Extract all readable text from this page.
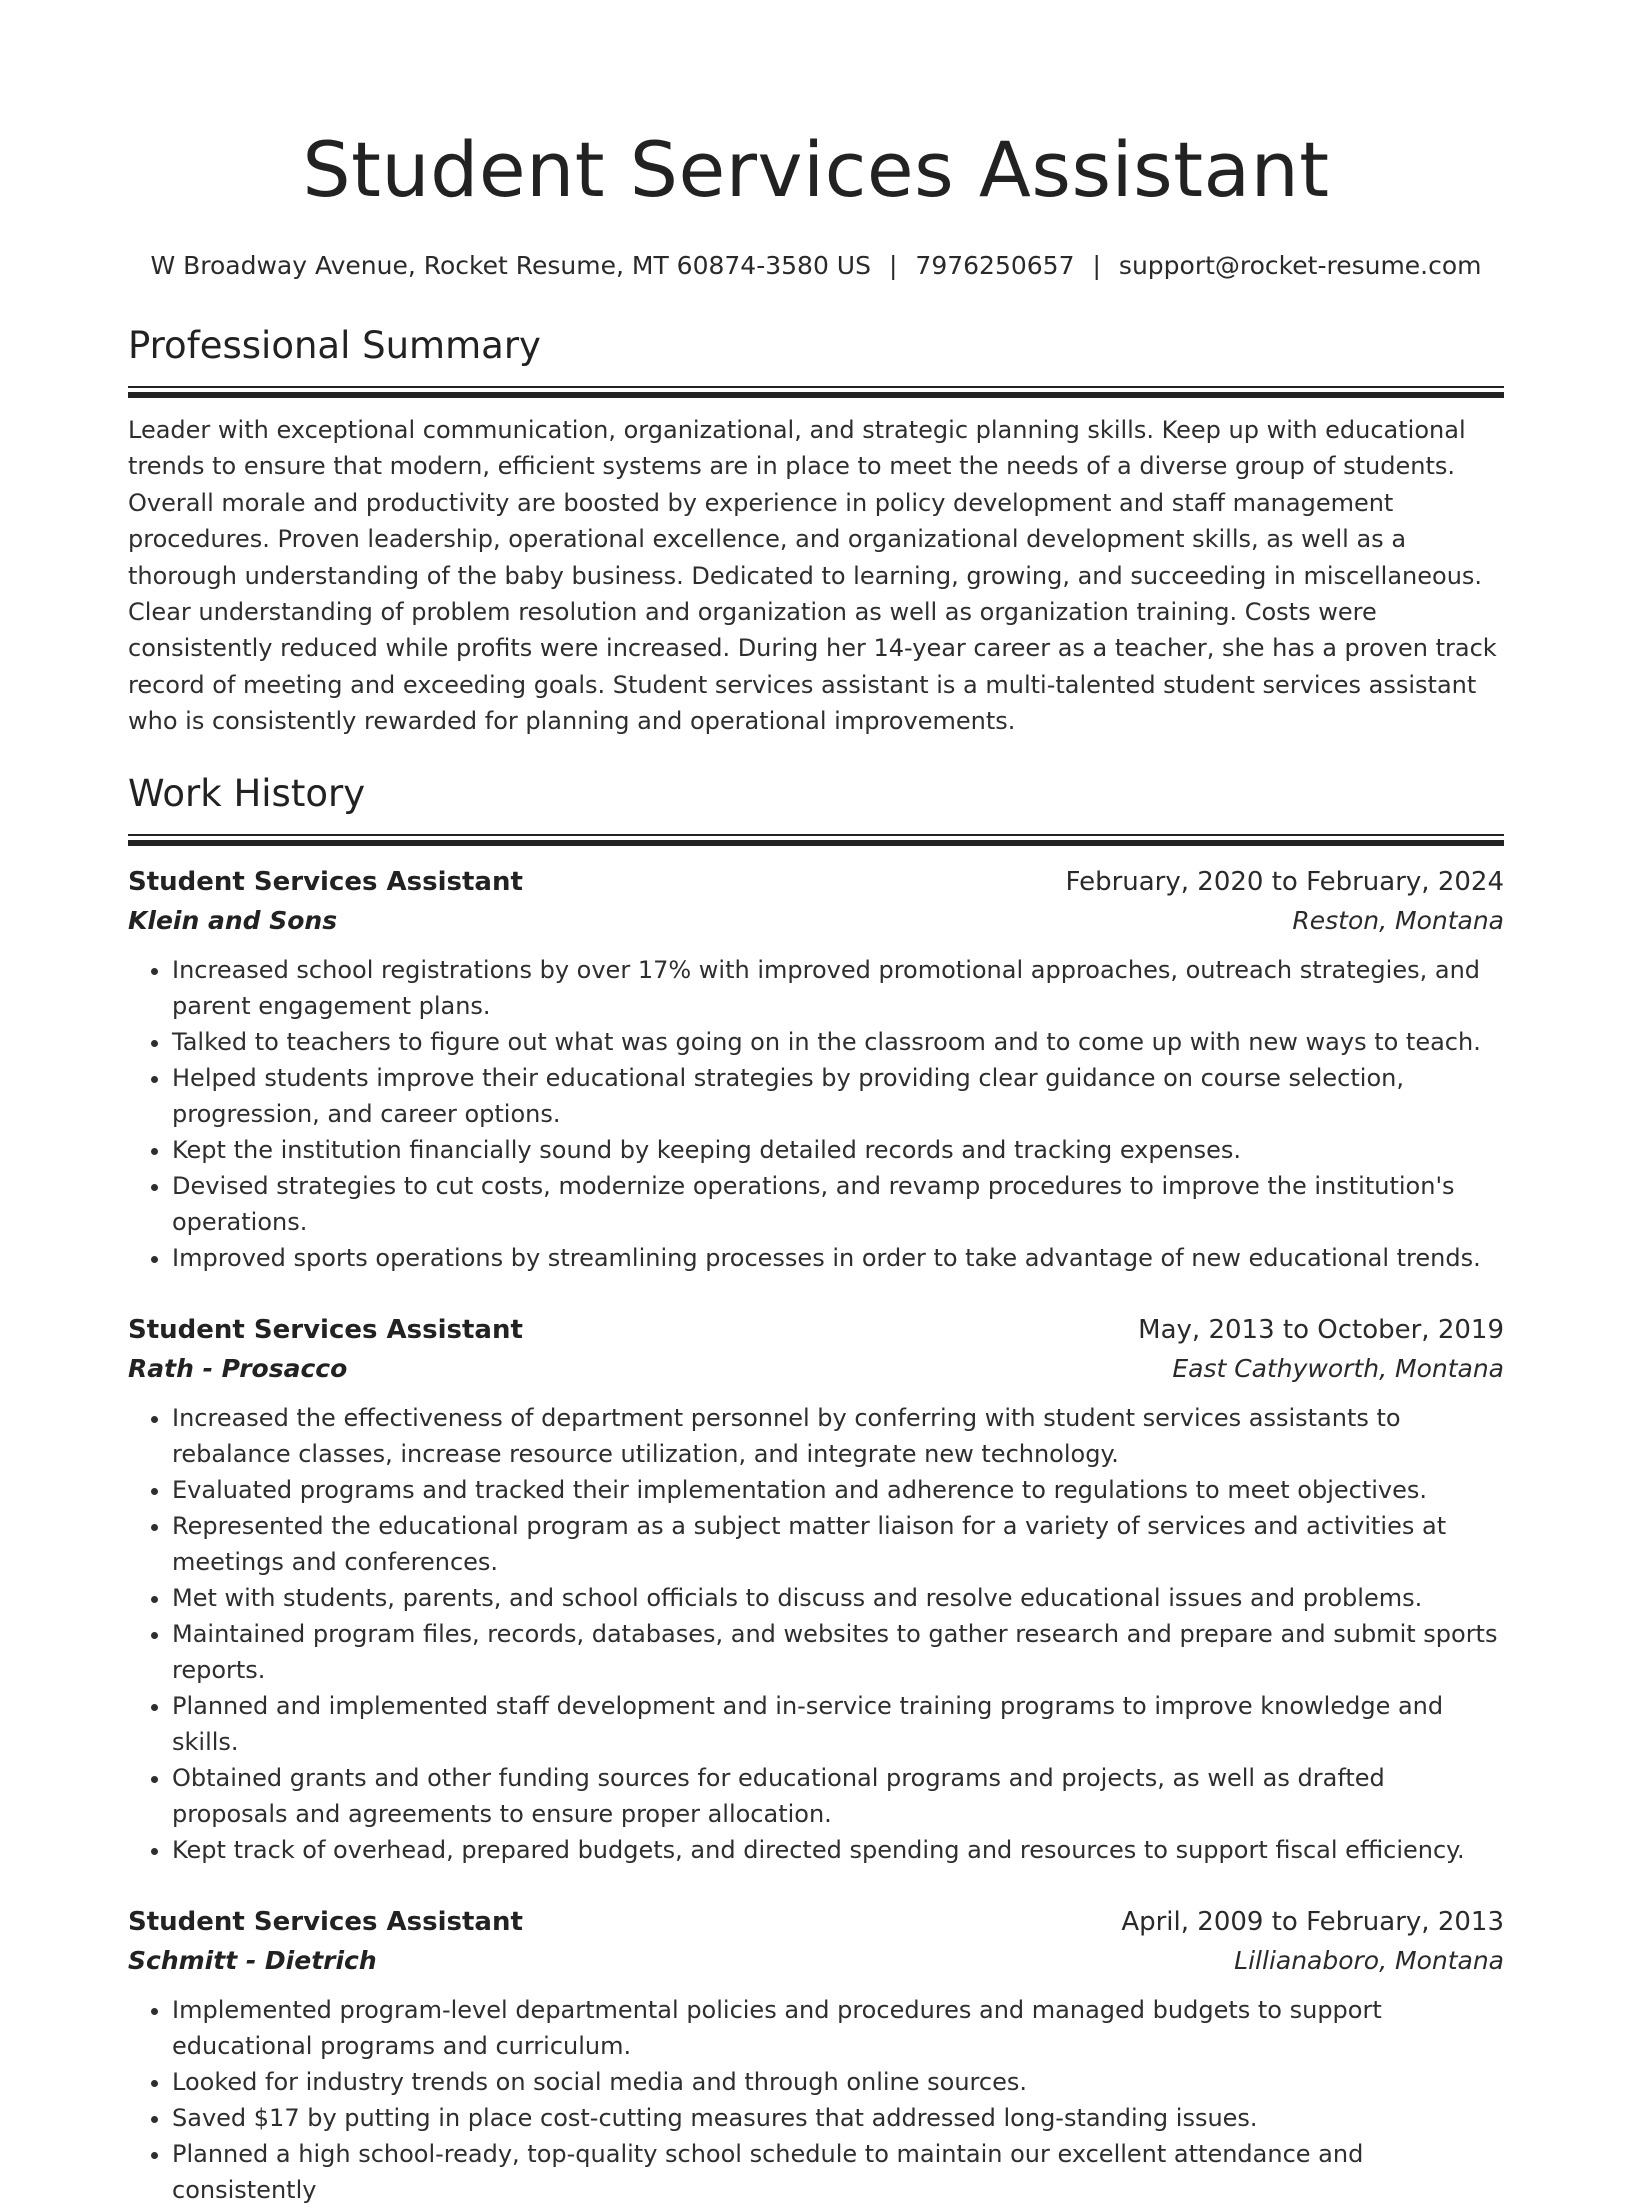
Student Services Assistant
W Broadway Avenue, Rocket Resume, MT 60874-3580 US | 7976250657 | support@rocket-resume.com
Professional Summary

Leader with exceptional communication, organizational, and strategic planning skills. Keep up with educational trends to ensure that modern, efficient systems are in place to meet the needs of a diverse group of students. Overall morale and productivity are boosted by experience in policy development and staff management procedures. Proven leadership, operational excellence, and organizational development skills, as well as a thorough understanding of the baby business. Dedicated to learning, growing, and succeeding in miscellaneous. Clear understanding of problem resolution and organization as well as organization training. Costs were consistently reduced while profits were increased. During her 14-year career as a teacher, she has a proven track record of meeting and exceeding goals. Student services assistant is a multi-talented student services assistant who is consistently rewarded for planning and operational improvements.

Work History
Student Services Assistant	February, 2020 to February, 2024
Klein and Sons	Reston, Montana
• Increased school registrations by over 17% with improved promotional approaches, outreach strategies, and parent engagement plans.
• Talked to teachers to figure out what was going on in the classroom and to come up with new ways to teach.
• Helped students improve their educational strategies by providing clear guidance on course selection, progression, and career options.
• Kept the institution financially sound by keeping detailed records and tracking expenses.
• Devised strategies to cut costs, modernize operations, and revamp procedures to improve the institution's operations.
• Improved sports operations by streamlining processes in order to take advantage of new educational trends.
Student Services Assistant	May, 2013 to October, 2019
Rath - Prosacco	East Cathyworth, Montana
• Increased the effectiveness of department personnel by conferring with student services assistants to rebalance classes, increase resource utilization, and integrate new technology.
• Evaluated programs and tracked their implementation and adherence to regulations to meet objectives.
• Represented the educational program as a subject matter liaison for a variety of services and activities at meetings and conferences.
• Met with students, parents, and school officials to discuss and resolve educational issues and problems.
• Maintained program files, records, databases, and websites to gather research and prepare and submit sports reports.
• Planned and implemented staff development and in-service training programs to improve knowledge and skills.
• Obtained grants and other funding sources for educational programs and projects, as well as drafted proposals and agreements to ensure proper allocation.
• Kept track of overhead, prepared budgets, and directed spending and resources to support fiscal efficiency.
Student Services Assistant	April, 2009 to February, 2013
Schmitt - Dietrich	Lillianaboro, Montana
• Implemented program-level departmental policies and procedures and managed budgets to support educational programs and curriculum.
• Looked for industry trends on social media and through online sources.
• Saved $17 by putting in place cost-cutting measures that addressed long-standing issues.
• Planned a high school-ready, top-quality school schedule to maintain our excellent attendance and consistently
